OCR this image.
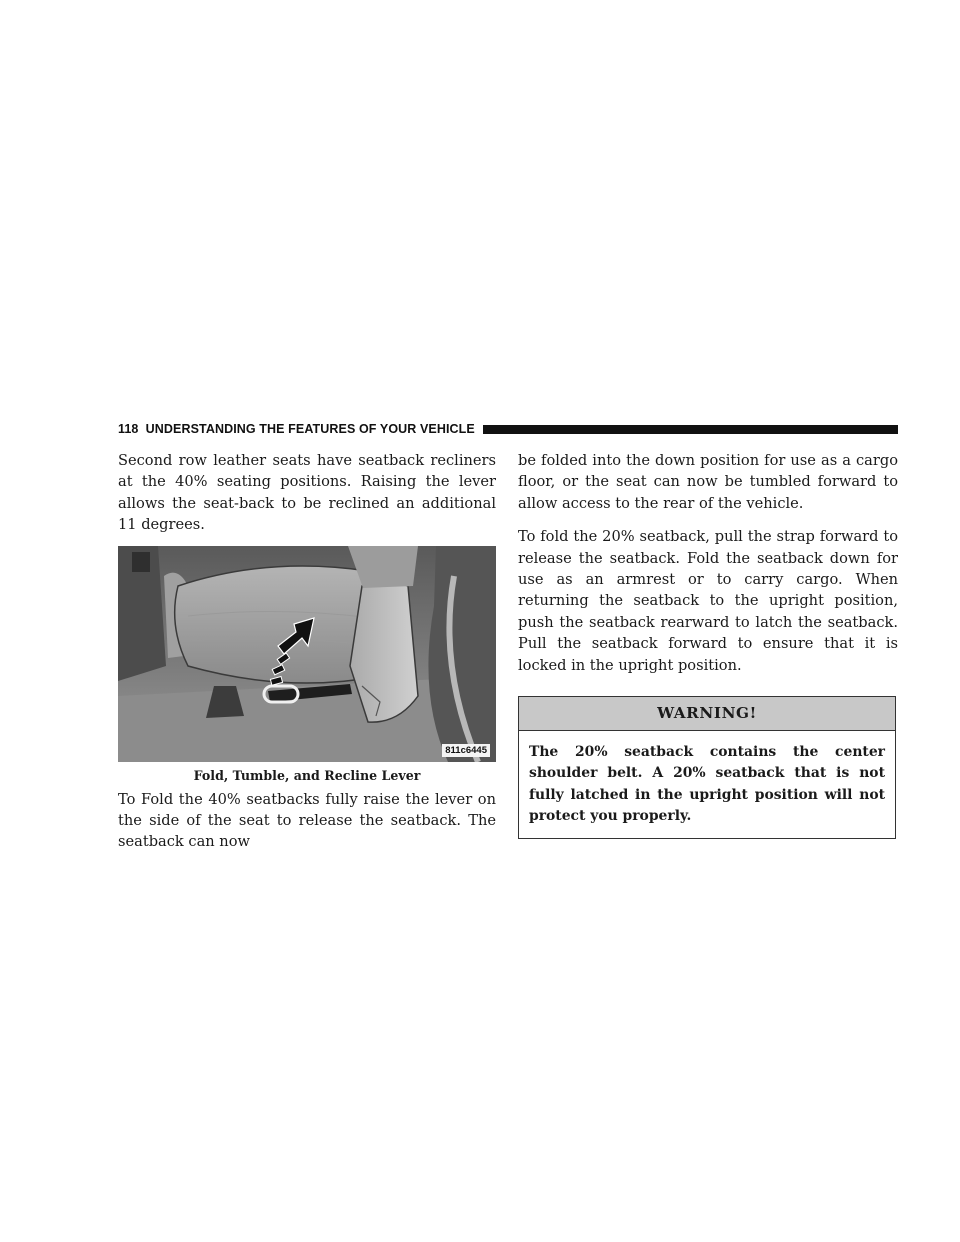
118 UNDERSTANDING THE FEATURES OF YOUR VEHICLE

Second row leather seats have seatback recliners at the 40% seating positions. Raising the lever allows the seat-back to be reclined an additional 11 degrees.

811c6445
Fold, Tumble, and Recline Lever

To Fold the 40% seatbacks fully raise the lever on the side of the seat to release the seatback. The seatback can now

be folded into the down position for use as a cargo floor, or the seat can now be tumbled forward to allow access to the rear of the vehicle.

To fold the 20% seatback, pull the strap forward to release the seatback. Fold the seatback down for use as an armrest or to carry cargo. When returning the seatback to the upright position, push the seatback rearward to latch the seatback. Pull the seatback forward to ensure that it is locked in the upright position.

WARNING!
The 20% seatback contains the center shoulder belt. A 20% seatback that is not fully latched in the upright position will not protect you properly.
